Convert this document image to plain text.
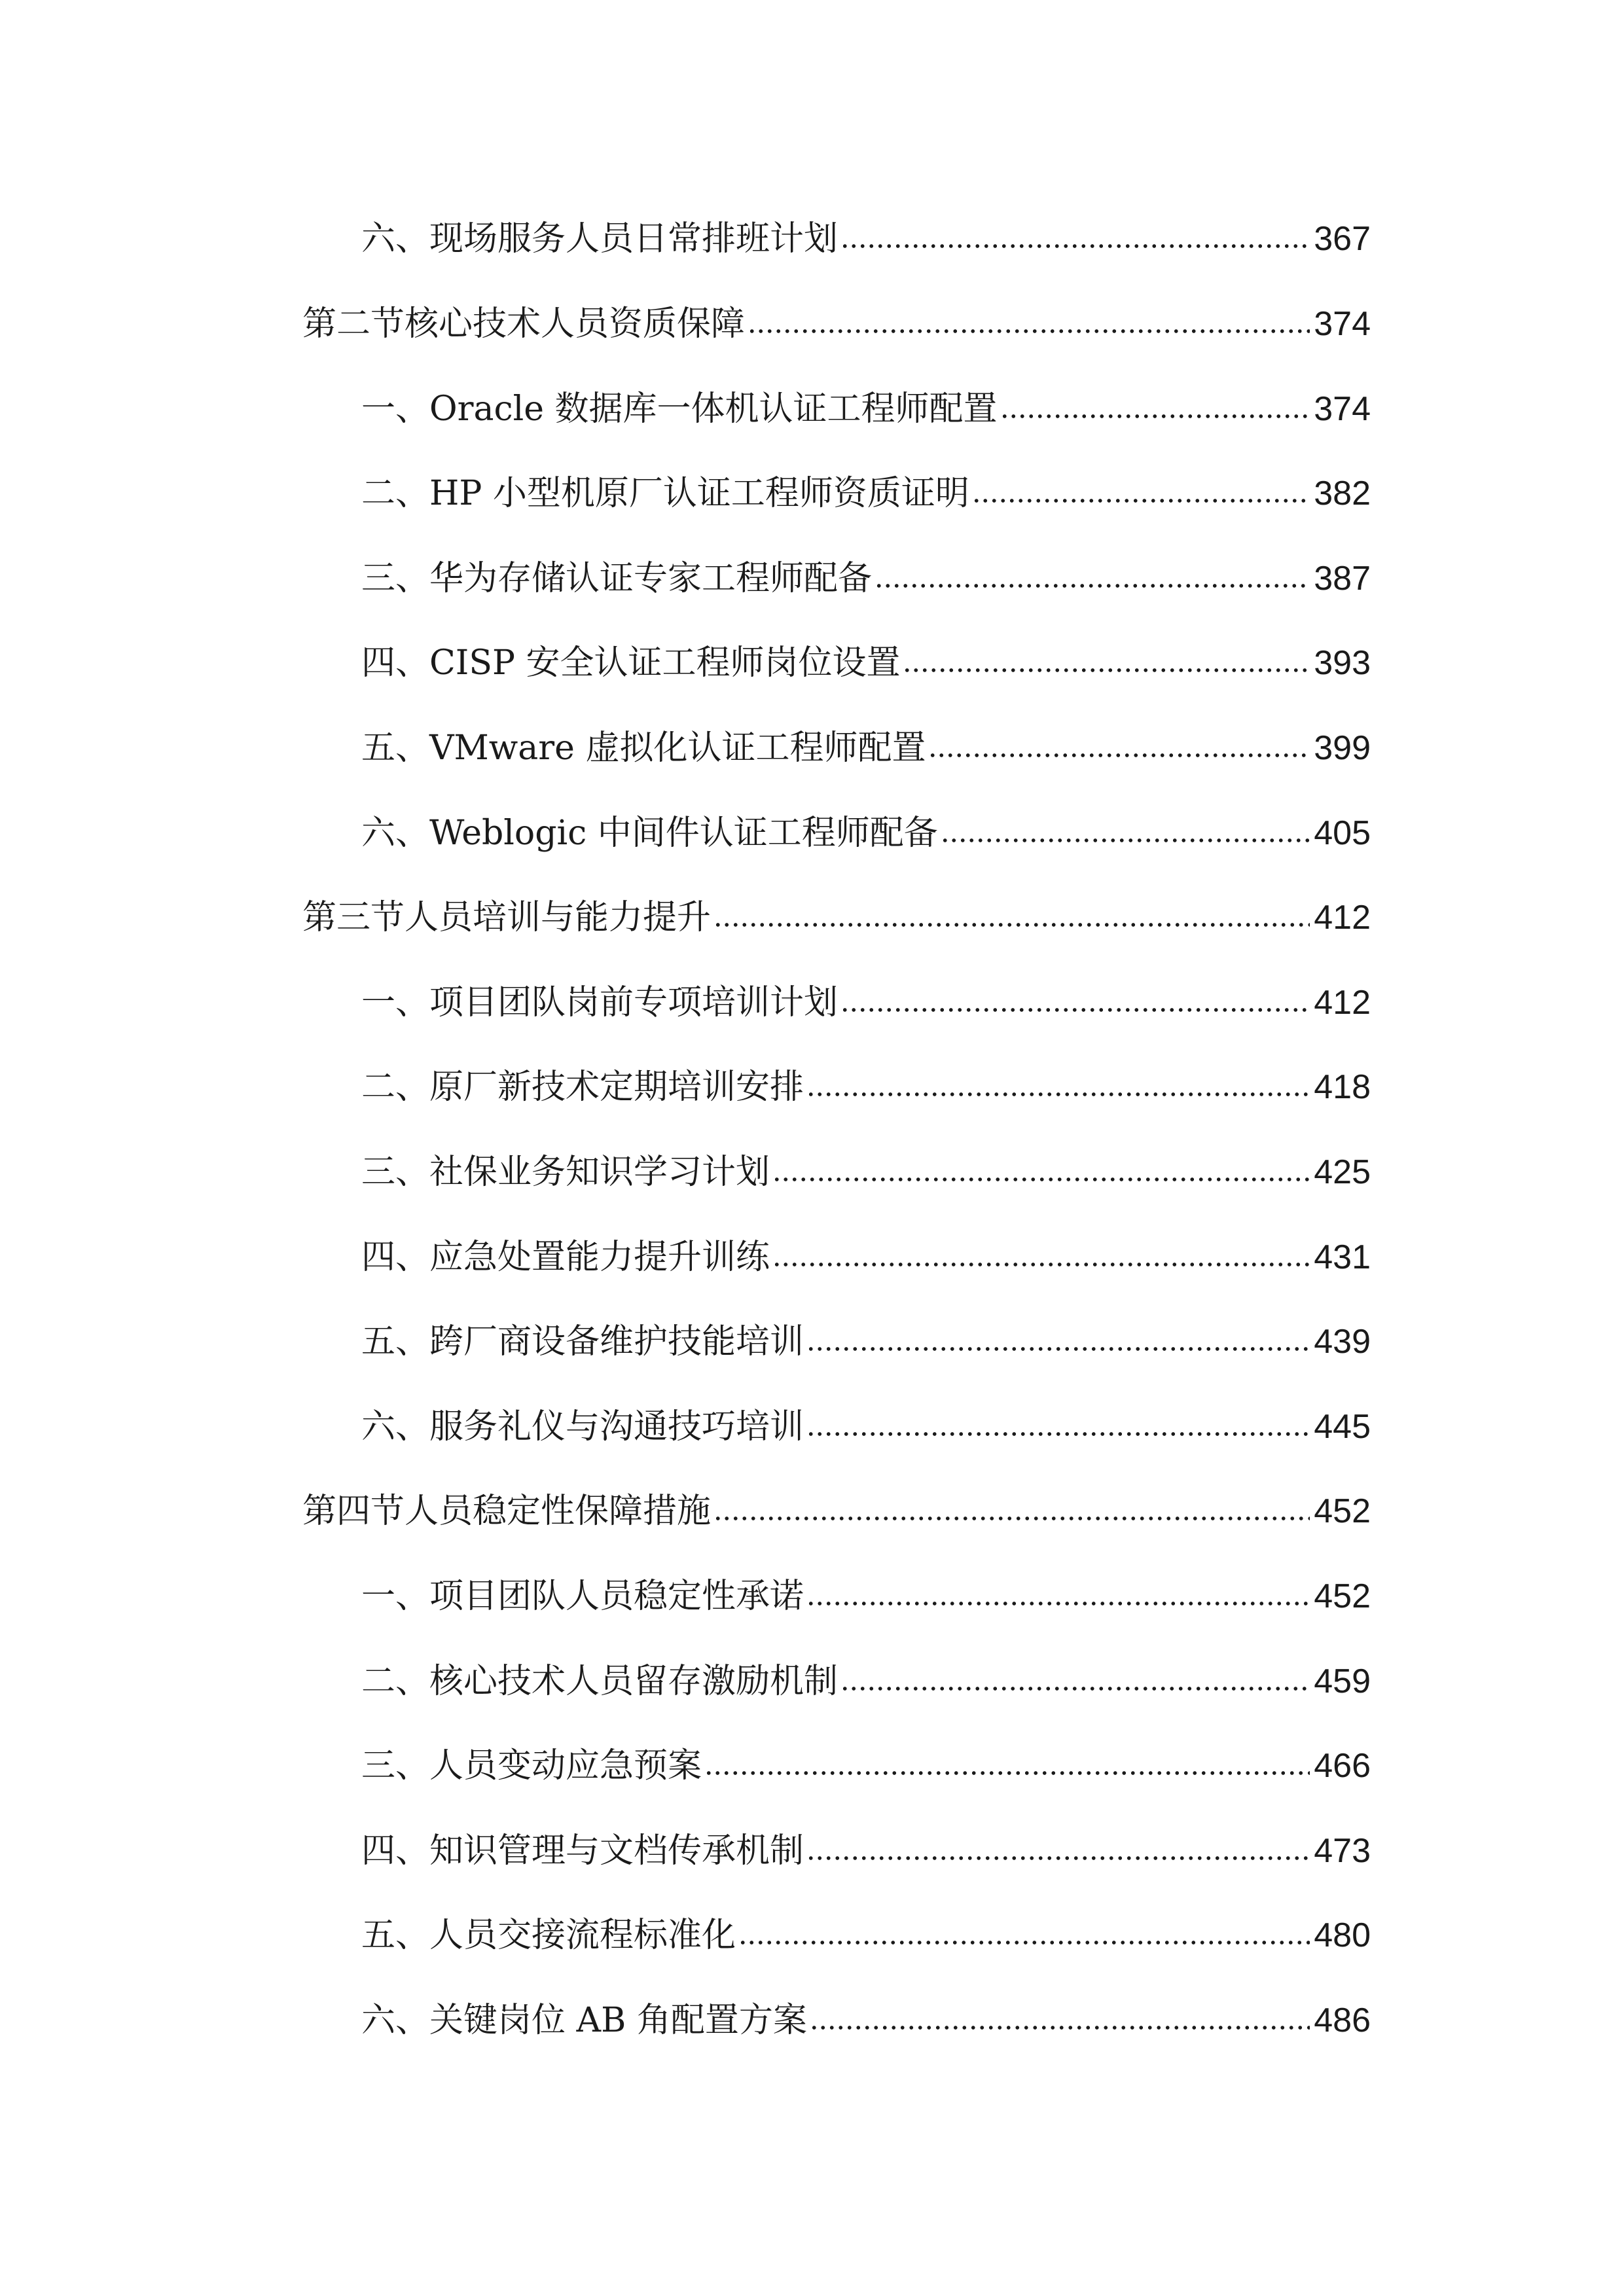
六、现场服务人员日常排班计划	367
第二节核心技术人员资质保障	374
一、Oracle 数据库一体机认证工程师配置	374
二、HP 小型机原厂认证工程师资质证明	382
三、华为存储认证专家工程师配备	387
四、CISP 安全认证工程师岗位设置	393
五、VMware 虚拟化认证工程师配置	399
六、Weblogic 中间件认证工程师配备	405
第三节人员培训与能力提升	412
一、项目团队岗前专项培训计划	412
二、原厂新技术定期培训安排	418
三、社保业务知识学习计划	425
四、应急处置能力提升训练	431
五、跨厂商设备维护技能培训	439
六、服务礼仪与沟通技巧培训	445
第四节人员稳定性保障措施	452
一、项目团队人员稳定性承诺	452
二、核心技术人员留存激励机制	459
三、人员变动应急预案	466
四、知识管理与文档传承机制	473
五、人员交接流程标准化	480
六、关键岗位 AB 角配置方案	486
